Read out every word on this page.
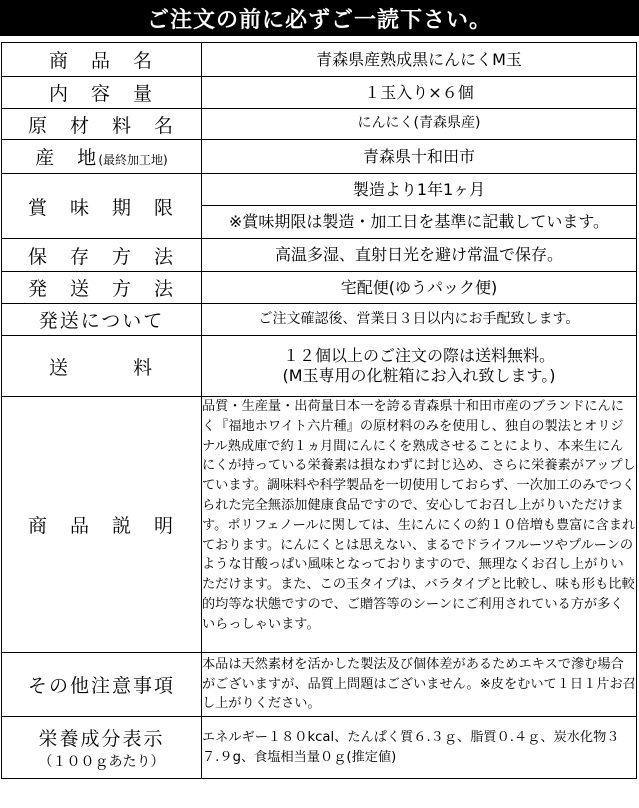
ご注文の前に必ずご一読下さい。
商　品　名	青森県産熟成黒にんにくM玉
内　容　量	１玉入り×６個
原　材　料　名	にんにく(青森県産)
産　地(最終加工地)	青森県十和田市
賞　味　期　限	製造より1年1ヶ月
	※賞味期限は製造・加工日を基準に記載しています。
保　存　方　法	高温多湿、直射日光を避け常温で保存。
発　送　方　法	宅配便(ゆうパック便)
発送について	ご注文確認後、営業日３日以内にお手配致します。
送　　　料	１２個以上のご注文の際は送料無料。
(M玉専用の化粧箱にお入れ致します。)

商　品　説　明	品質・生産量・出荷量日本一を誇る青森県十和田市産のブランドにんにく『福地ホワイト六片種』の原材料のみを使用し、独自の製法とオリジナル熟成庫で約１ヵ月間にんにくを熟成させることにより、本来生にんにくが持っている栄養素は損なわずに封じ込め、さらに栄養素がアップしています。調味料や科学製品を一切使用しておらず、一次加工のみでつくられた完全無添加健康食品ですので、安心してお召し上がりいただけます。ポリフェノールに関しては、生にんにくの約１０倍増も豊富に含まれております。にんにくとは思えない、まるでドライフルーツやプルーンのような甘酸っぱい風味となっておりますので、無理なくお召し上がりいただけます。また、この玉タイプは、バラタイプと比較し、味も形も比較的均等な状態ですので、ご贈答等のシーンにご利用されている方が多くいらっしゃいます。
その他注意事項	本品は天然素材を活かした製法及び個体差があるためエキスで滲む場合がございますが、品質上問題はございません。※皮をむいて１日１片お召し上がりください。

栄養成分表示
（１００ｇあたり）	エネルギー１８０kcal、たんぱく質６.３ｇ、脂質０.４ｇ、炭水化物３７.９g、食塩相当量０ｇ(推定値)
